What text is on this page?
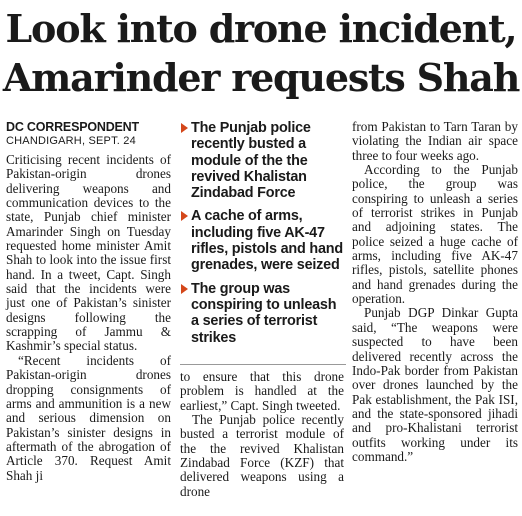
Look into drone incident,
Amarinder requests Shah
DC CORRESPONDENT
CHANDIGARH, SEPT. 24

Criticising recent incidents of Pakistan-origin drones delivering weapons and communication devices to the state, Punjab chief minister Amarinder Singh on Tuesday requested home minister Amit Shah to look into the issue first hand. In a tweet, Capt. Singh said that the incidents were just one of Pakistan’s sinister designs following the scrapping of Jammu & Kashmir’s special status.

“Recent incidents of Pakistan-origin drones dropping consignments of arms and ammunition is a new and serious dimension on Pakistan’s sinister designs in aftermath of the abrogation of Article 370. Request Amit Shah ji

The Punjab police recently busted a module of the the revived Khalistan Zindabad Force
A cache of arms, including five AK-47 rifles, pistols and hand grenades, were seized
The group was conspiring to unleash a series of terrorist strikes

to ensure that this drone problem is handled at the earliest,” Capt. Singh tweeted.

The Punjab police recently busted a terrorist module of the the revived Khalistan Zindabad Force (KZF) that delivered weapons using a drone

from Pakistan to Tarn Taran by violating the Indian air space three to four weeks ago.

According to the Punjab police, the group was conspiring to unleash a series of terrorist strikes in Punjab and adjoining states. The police seized a huge cache of arms, including five AK-47 rifles, pistols, satellite phones and hand grenades during the operation.

Punjab DGP Dinkar Gupta said, “The weapons were suspected to have been delivered recently across the Indo-Pak border from Pakistan over drones launched by the Pak establishment, the Pak ISI, and the state-sponsored jihadi and pro-Khalistani terrorist outfits working under its command.”
